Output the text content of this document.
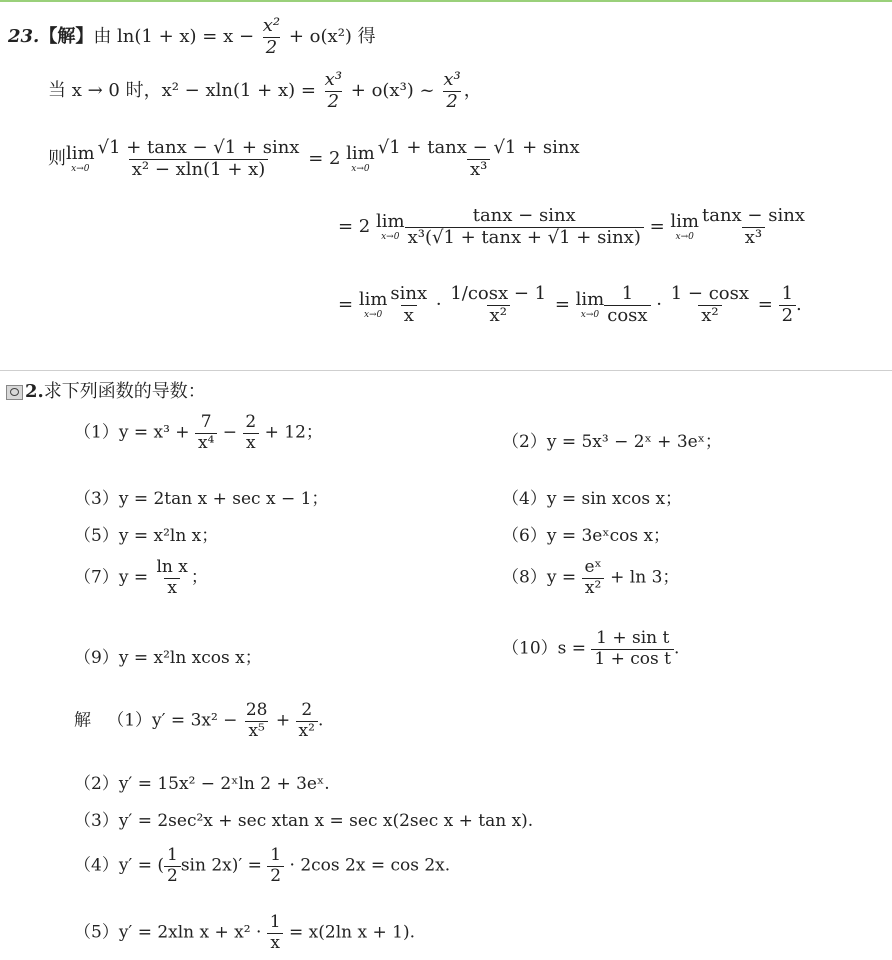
23.【解】由 $\ln(1 + x) = x - \frac{\text{x²}}{2} + o(x^2)$ 得
当 x → 0 时，$x^2 - xln(1 + x) = \frac{\text{x³}}{2} + o(x^3)$ ~ $\frac{\text{x³}}{2}$ ，
则 lim
$x\to 0 \frac{√1 + \tan x - √1 + \sin x}{\text{x² − xln(1 + x)}} = 2$ lim
$x\to 0 \frac{√1 + \tan x - √1 + \sin x}{\text{x³}}$
= 2 lim
$x\to 0 \frac{\tan x - \sin x}{\text{x³(√1 + tanx + √1 + sinx)}} = \lim$
$x\to 0 \frac{\tan x - \sin x}{\text{x³}}$
= lim
$x\to 0 \frac{\sin x}{x} \cdot \frac{1/\cos x - 1}{\text{x²}} = \lim$
$x\to 0 \frac{1}{\cos x} \cdot \frac{1 - \cos x}{\text{x²}} = \frac{1}{2}$ .
2.求下列函数的导数：
$(1)y = x^3 + \frac{7}{\text{x⁴}} - \frac{2}{x} + 12$；	（2）y = 5x³ − 2ˣ + 3eˣ；
（3）y = 2tan x + sec x − 1；	（4）y = sin xcos x；
（5）y = x²ln x；	（6）y = 3eˣcos x；
$(7)y = \frac{\text{ln x}}{x}$ ；	$(8)y = \frac{\text{eˣ}}{\text{x²}} + \ln 3$；
（9）y = x²ln xcos x；	$(10)s = \frac{\text{1 + sin t}}{\text{1 + cos t}}$ .
解 $(1)y' = 3x^2 - \frac{28}{\text{x⁵}} + \frac{2}{\text{x²}}$ .
（2）y′ = 15x² − 2ˣln 2 + 3eˣ.
（3）y′ = 2sec²x + sec xtan x = sec x(2sec x + tan x).
（4）y′ = ( $\frac{1}{2}$ $\sin 2x)' = \frac{1}{2} \cdot 2\cos$ 2x = cos 2x.
（5）y′ = 2xln $x + x^2 \cdot \frac{1}{x} = x(2\ln$ x + 1).
